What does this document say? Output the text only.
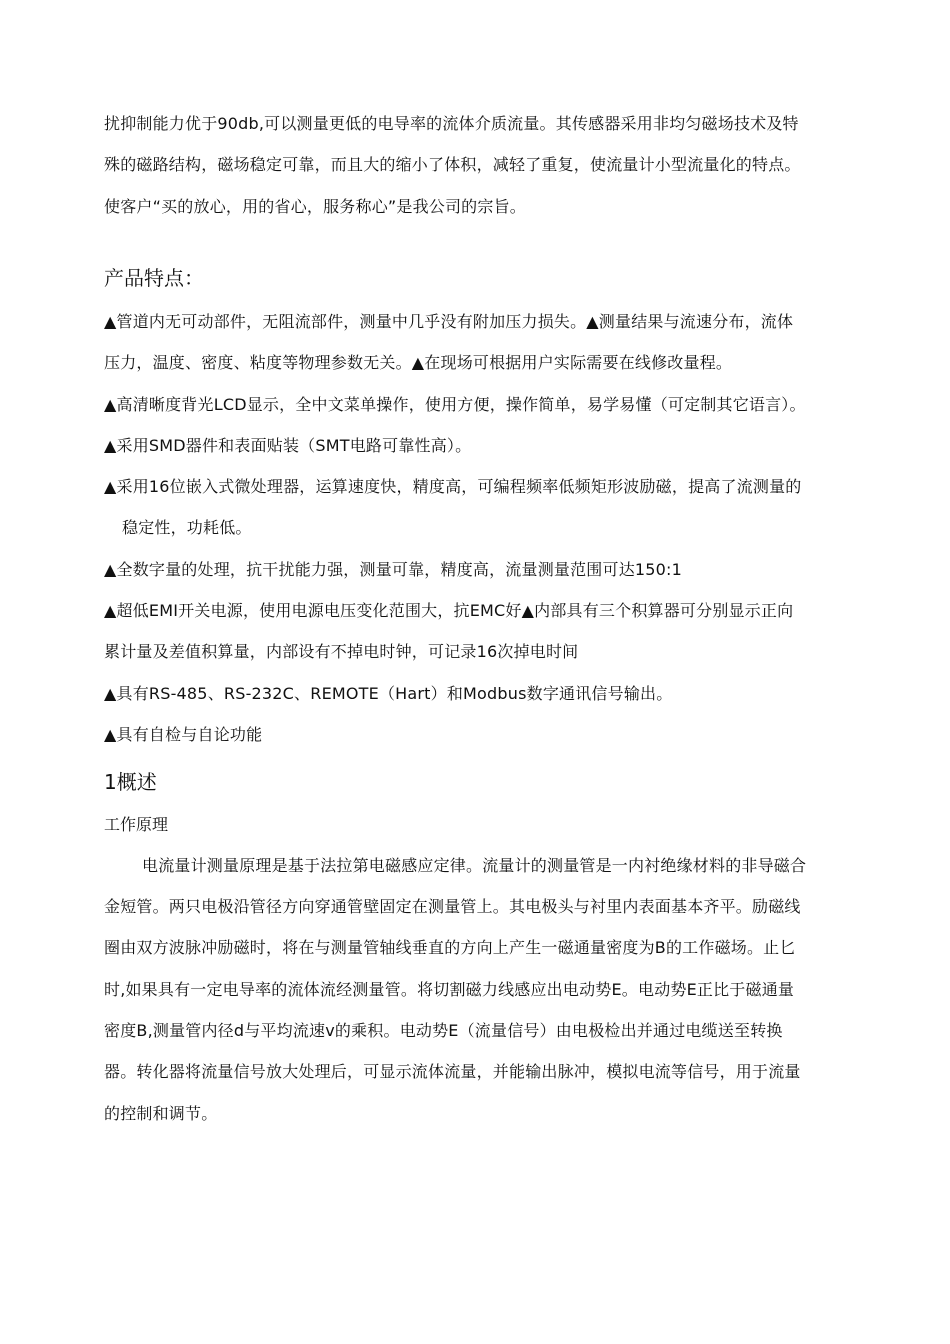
扰抑制能力优于90db,可以测量更低的电导率的流体介质流量。其传感器采用非均匀磁场技术及特
殊的磁路结构，磁场稳定可靠，而且大的缩小了体积，减轻了重复，使流量计小型流量化的特点。
使客户“买的放心，用的省心，服务称心”是我公司的宗旨。
产品特点：
▲管道内无可动部件，无阻流部件，测量中几乎没有附加压力损失。▲测量结果与流速分布，流体
压力，温度、密度、粘度等物理参数无关。▲在现场可根据用户实际需要在线修改量程。
▲高清晰度背光LCD显示，全中文菜单操作，使用方便，操作简单，易学易懂（可定制其它语言）。
▲采用SMD器件和表面贴装（SMT电路可靠性高）。
▲采用16位嵌入式微处理器，运算速度快，精度高，可编程频率低频矩形波励磁，提高了流测量的
稳定性，功耗低。
▲全数字量的处理，抗干扰能力强，测量可靠，精度高，流量测量范围可达150:1
▲超低EMI开关电源，使用电源电压变化范围大，抗EMC好▲内部具有三个积算器可分别显示正向
累计量及差值积算量，内部设有不掉电时钟，可记录16次掉电时间
▲具有RS-485、RS-232C、REMOTE（Hart）和Modbus数字通讯信号输出。
▲具有自检与自论功能
1概述
工作原理
电流量计测量原理是基于法拉第电磁感应定律。流量计的测量管是一内衬绝缘材料的非导磁合
金短管。两只电极沿管径方向穿通管壁固定在测量管上。其电极头与衬里内表面基本齐平。励磁线
圈由双方波脉冲励磁时，将在与测量管轴线垂直的方向上产生一磁通量密度为B的工作磁场。止匕
时,如果具有一定电导率的流体流经测量管。将切割磁力线感应出电动势E。电动势E正比于磁通量
密度B,测量管内径d与平均流速v的乘积。电动势E（流量信号）由电极检出并通过电缆送至转换
器。转化器将流量信号放大处理后，可显示流体流量，并能输出脉冲，模拟电流等信号，用于流量
的控制和调节。
